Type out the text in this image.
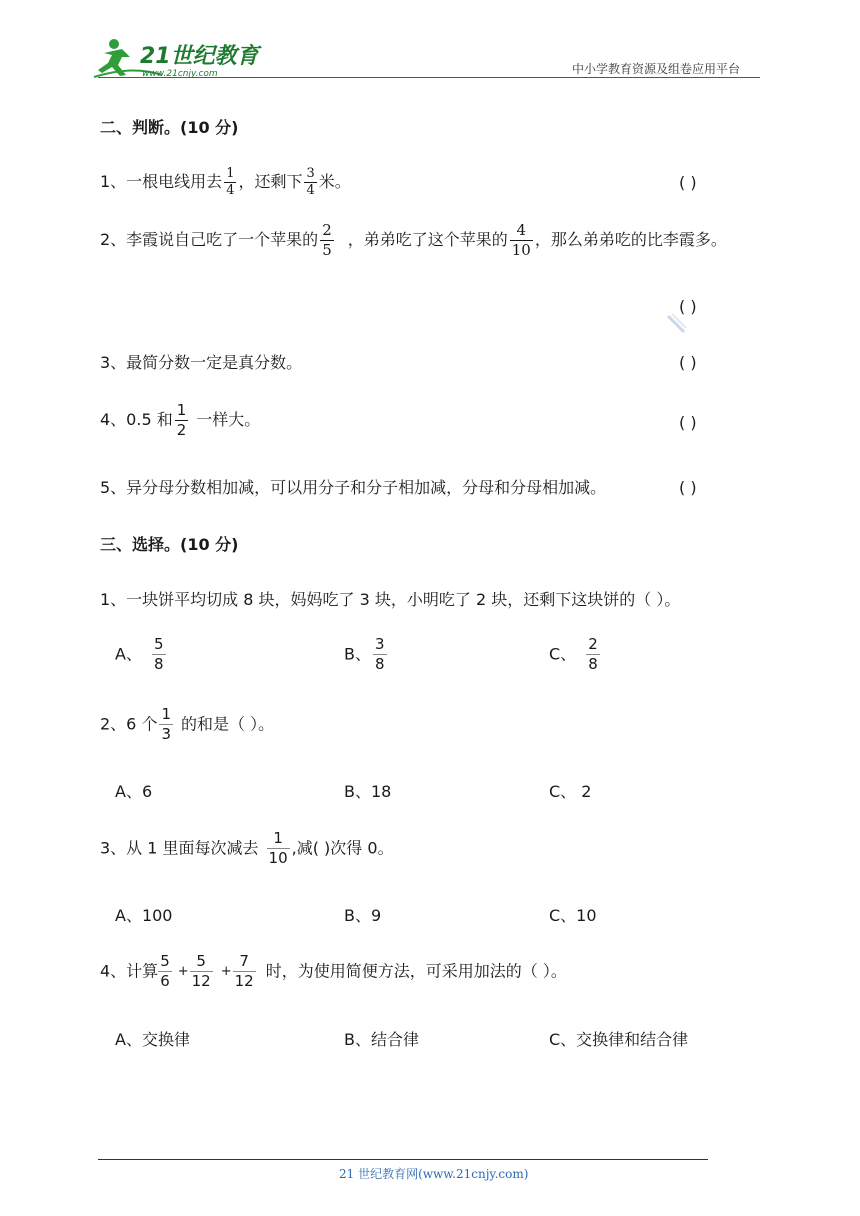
21世纪教育
www.21cnjy.com	中小学教育资源及组卷应用平台
二、判断。(10 分)
1、一根电线用去 $\frac{1}{4}$ ，还剩下 $\frac{3}{4}$ 米。	( )
2、李霞说自己吃了一个苹果的 $\frac{2}{5}$ ，弟弟吃了这个苹果的 $\frac{4}{10}$ ，那么弟弟吃的比李霞多。
( )
3、最简分数一定是真分数。	( )
4、0.5 和 $\frac{1}{2}$ 一样大。	( )
5、异分母分数相加减，可以用分子和分子相加减，分母和分母相加减。	( )
三、选择。(10 分)
1、一块饼平均切成 8 块，妈妈吃了 3 块，小明吃了 2 块，还剩下这块饼的（ ）。
A、 $\frac{5}{8}$	B、 $\frac{3}{8}$	C、 $\frac{2}{8}$
2、6 个 $\frac{1}{3}$ 的和是（ ）。
A、6	B、18	C、 2
3、从 1 里面每次减去 $\frac{1}{10}$ ,减( )次得 0。
A、100	B、9	C、10
4、计算 $\frac{5}{6} + \frac{5}{12} + \frac{7}{12}$ 时，为使用简便方法，可采用加法的（ ）。
A、交换律	B、结合律	C、交换律和结合律
21 世纪教育网(www.21cnjy.com)
